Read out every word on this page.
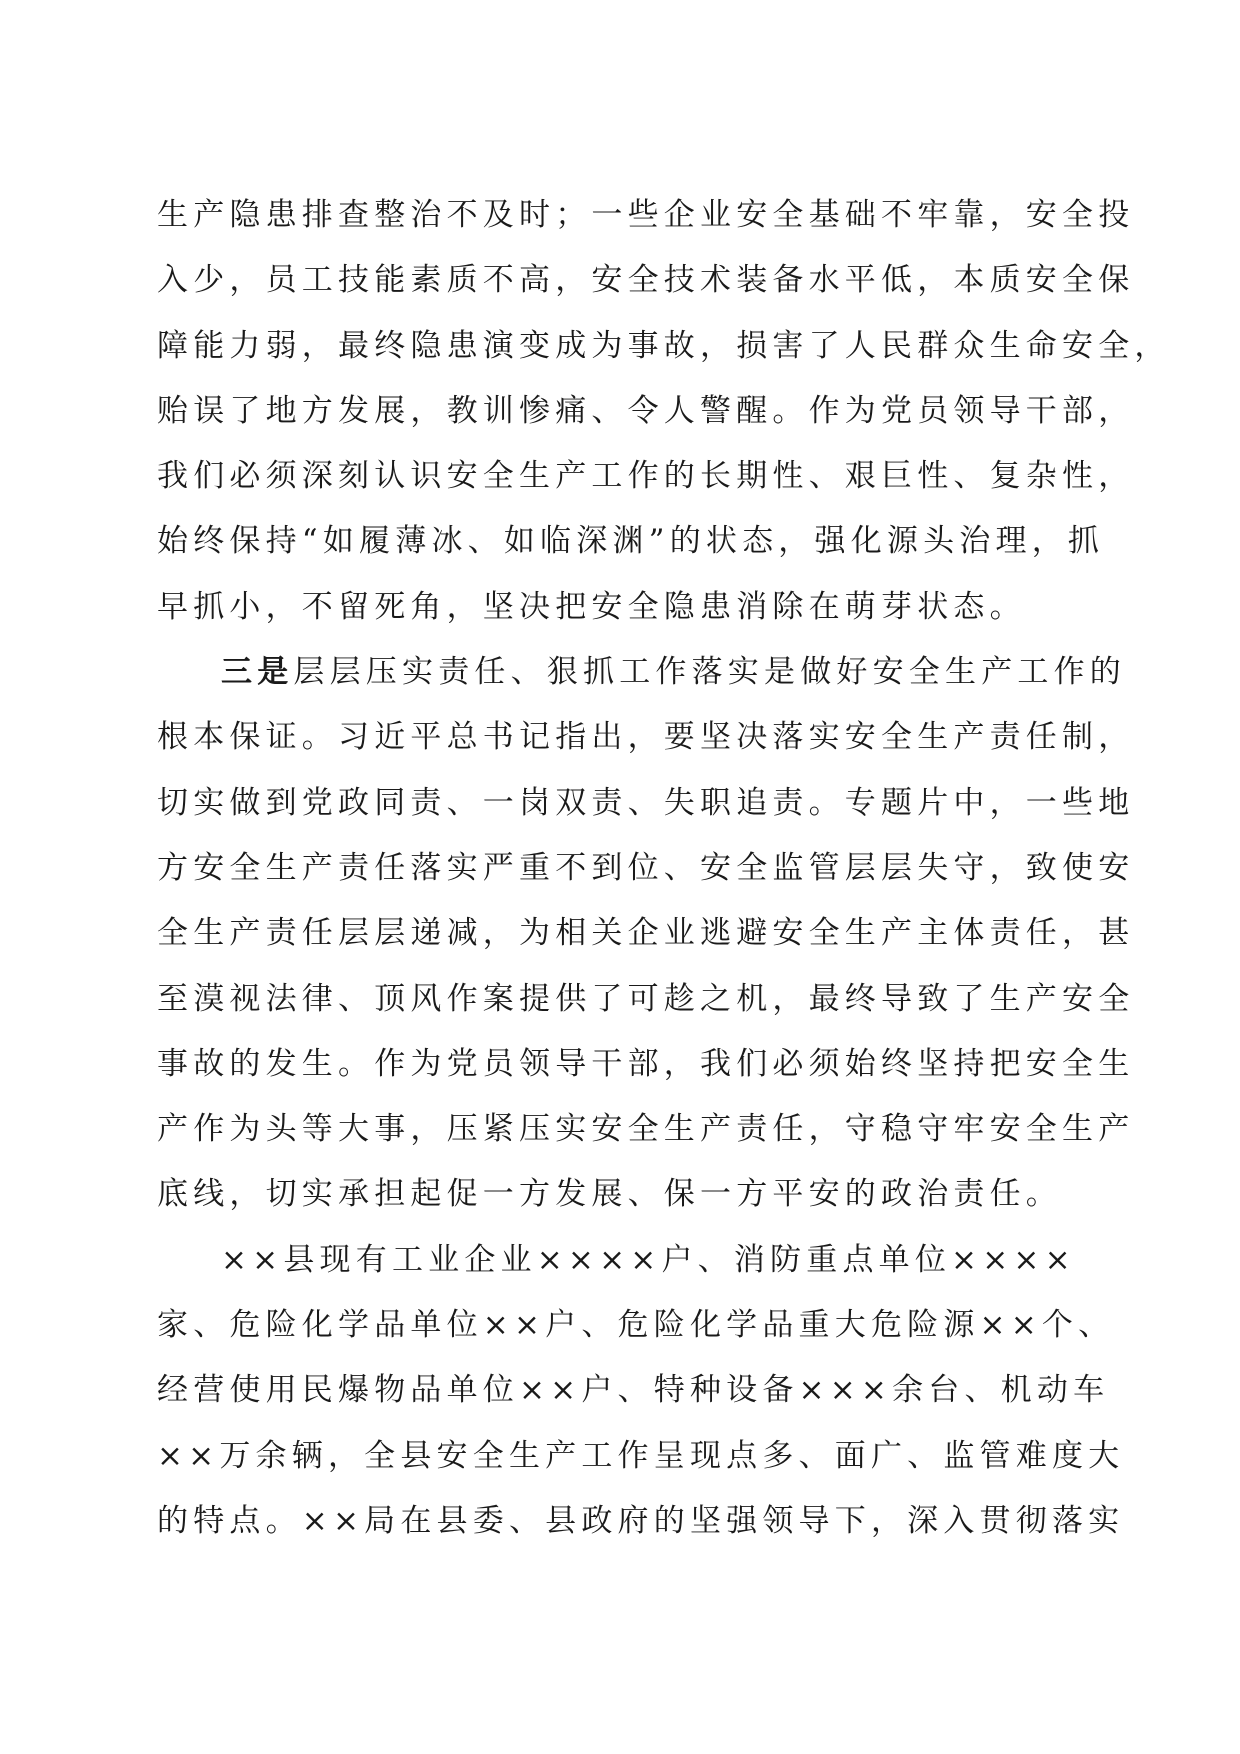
生产隐患排查整治不及时；一些企业安全基础不牢靠，安全投
入少，员工技能素质不高，安全技术装备水平低，本质安全保
障能力弱，最终隐患演变成为事故，损害了人民群众生命安全，
贻误了地方发展，教训惨痛、令人警醒。作为党员领导干部，
我们必须深刻认识安全生产工作的长期性、艰巨性、复杂性，
始终保持“如履薄冰、如临深渊”的状态，强化源头治理，抓
早抓小，不留死角，坚决把安全隐患消除在萌芽状态。
三是层层压实责任、狠抓工作落实是做好安全生产工作的
根本保证。习近平总书记指出，要坚决落实安全生产责任制，
切实做到党政同责、一岗双责、失职追责。专题片中，一些地
方安全生产责任落实严重不到位、安全监管层层失守，致使安
全生产责任层层递减，为相关企业逃避安全生产主体责任，甚
至漠视法律、顶风作案提供了可趁之机，最终导致了生产安全
事故的发生。作为党员领导干部，我们必须始终坚持把安全生
产作为头等大事，压紧压实安全生产责任，守稳守牢安全生产
底线，切实承担起促一方发展、保一方平安的政治责任。
××县现有工业企业××××户、消防重点单位××××
家、危险化学品单位××户、危险化学品重大危险源××个、
经营使用民爆物品单位××户、特种设备×××余台、机动车
××万余辆，全县安全生产工作呈现点多、面广、监管难度大
的特点。××局在县委、县政府的坚强领导下，深入贯彻落实
